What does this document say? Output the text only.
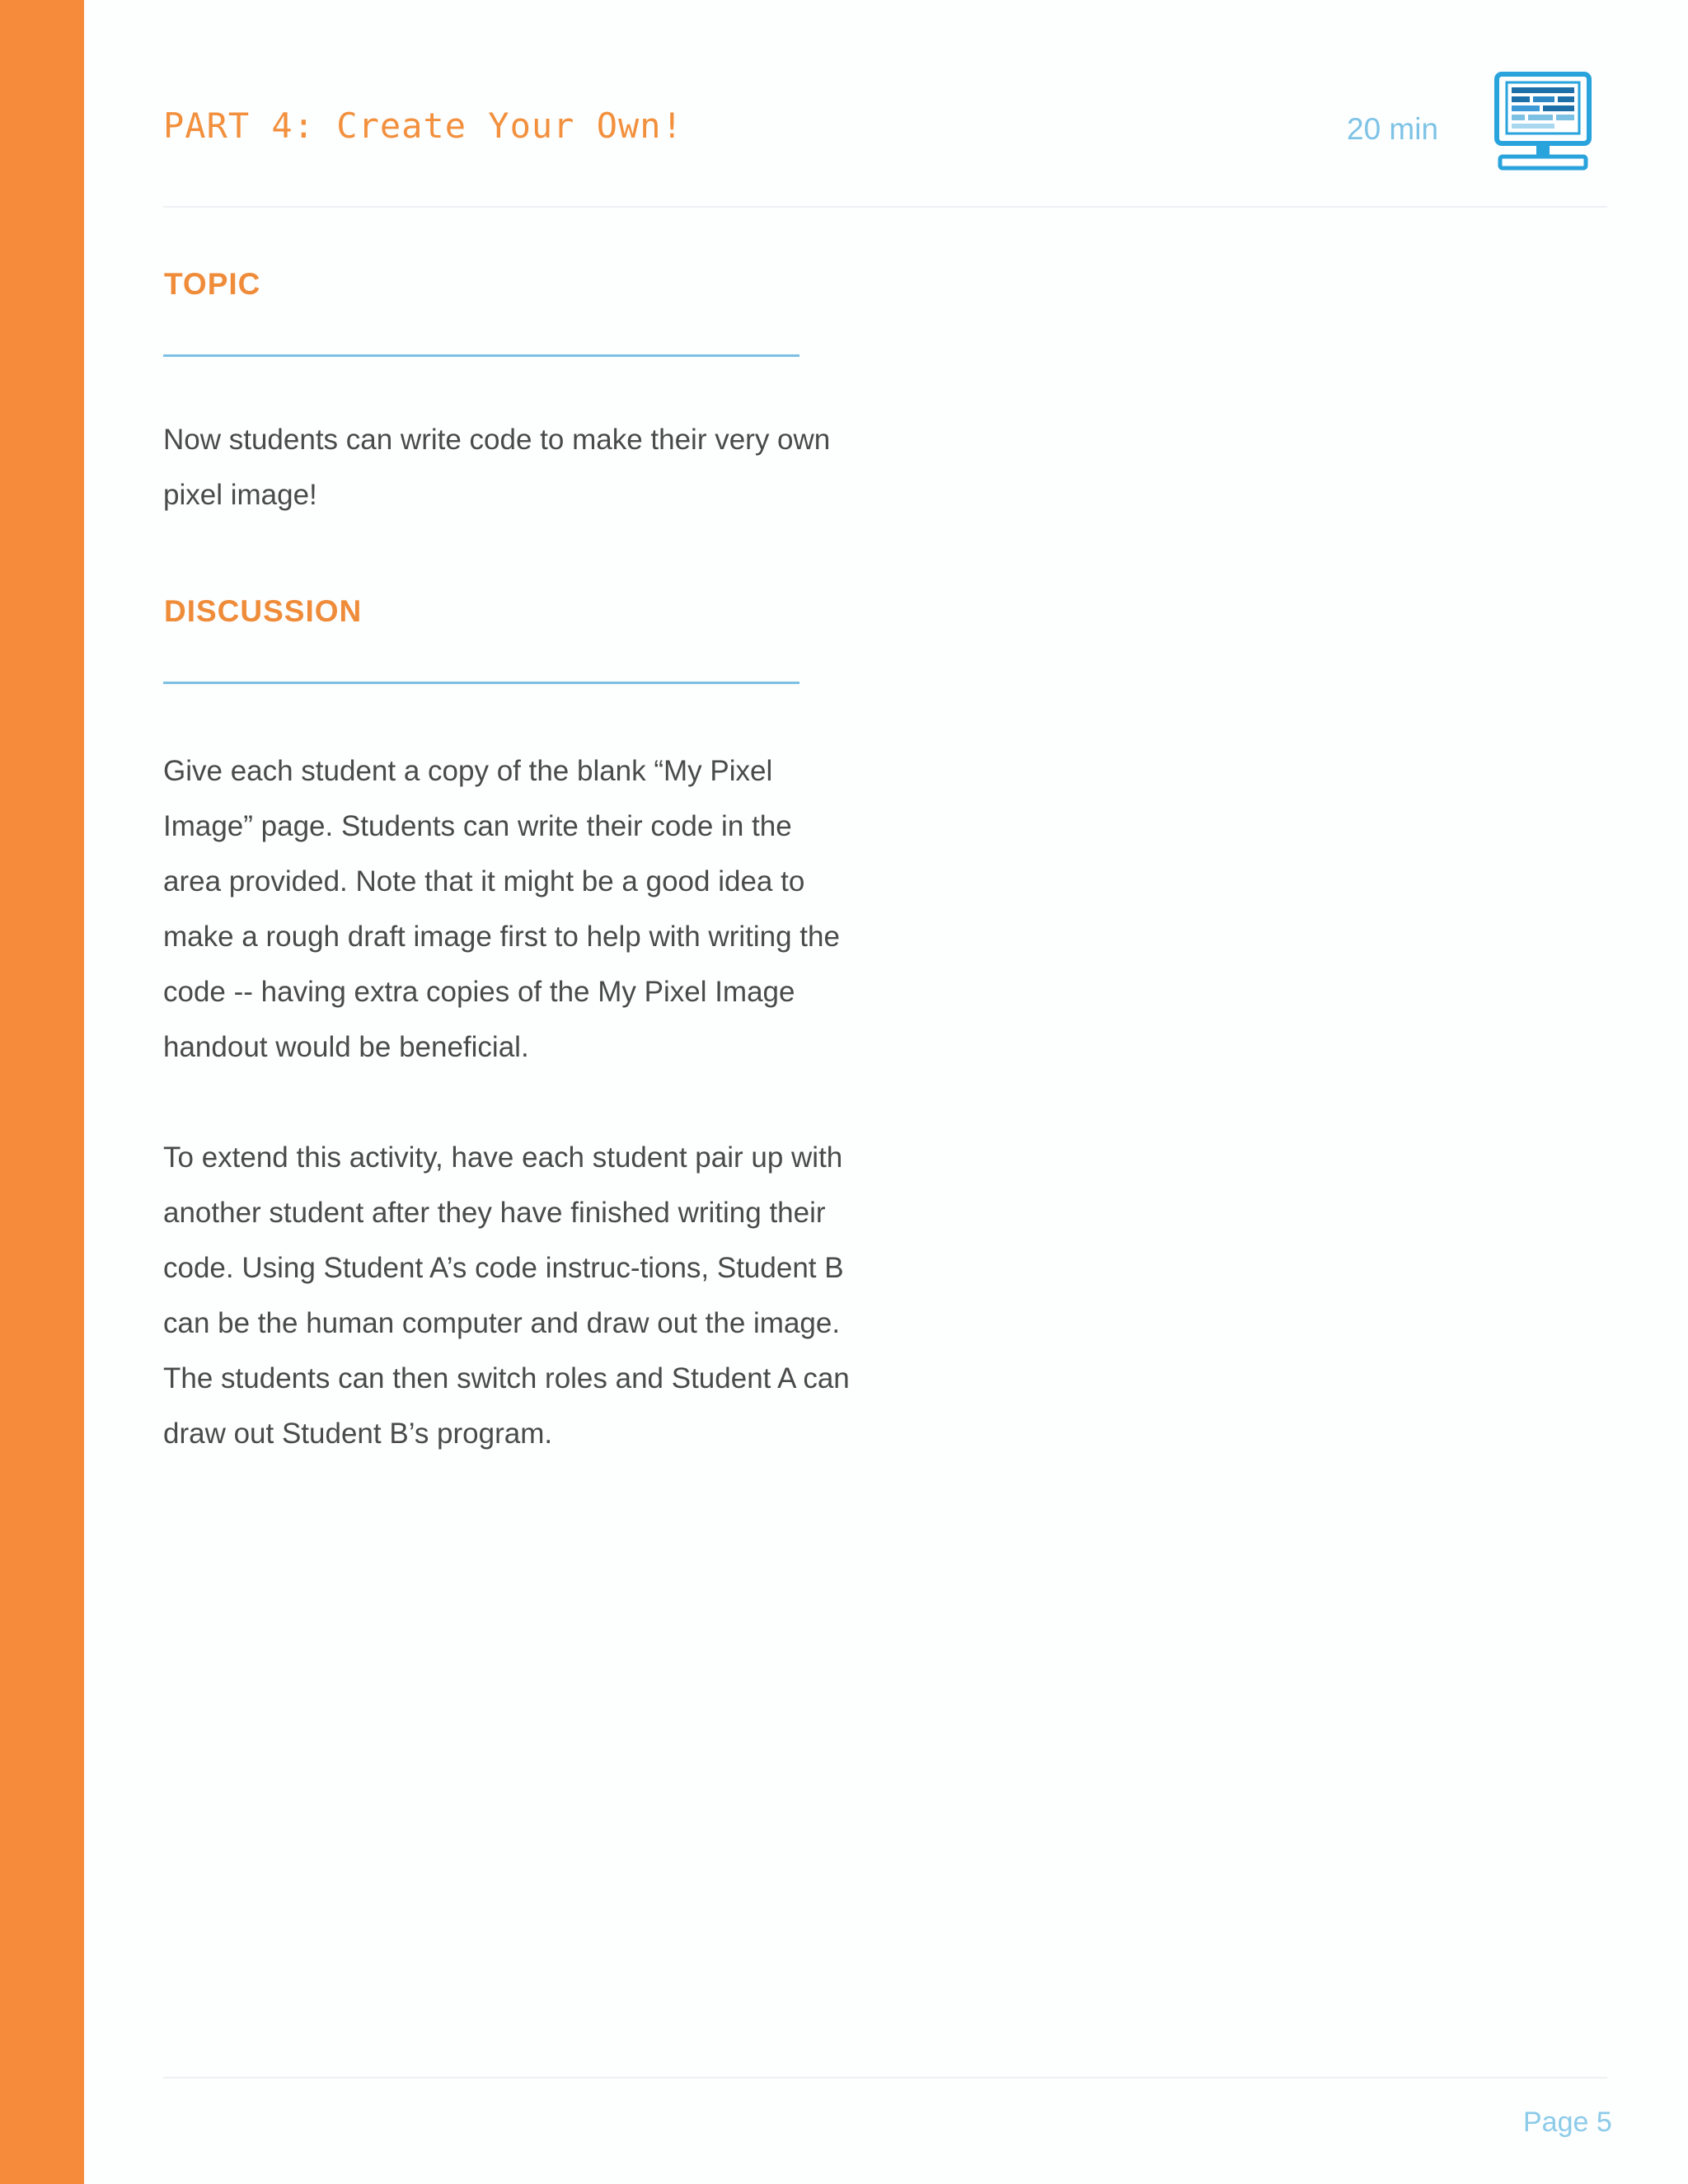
PART 4: Create Your Own!	20 min
TOPIC

Now students can write code to make their very own pixel image!

DISCUSSION

Give each student a copy of the blank “My Pixel Image” page. Students can write their code in the area provided. Note that it might be a good idea to make a rough draft image first to help with writing the code -- having extra copies of the My Pixel Image handout would be beneficial.

To extend this activity, have each student pair up with another student after they have finished writing their code. Using Student A’s code instruc-tions, Student B can be the human computer and draw out the image. The students can then switch roles and Student A can draw out Student B’s program.

Page 5
